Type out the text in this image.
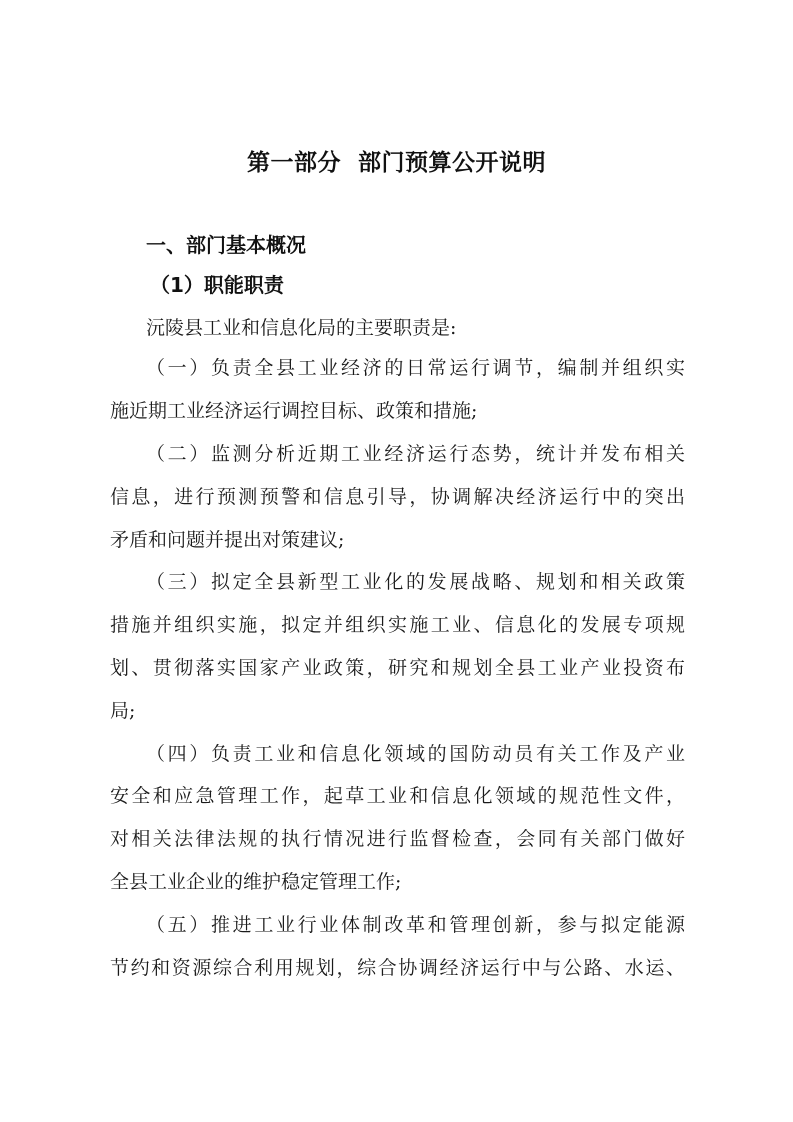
第一部分  部门预算公开说明
一、部门基本概况
（1）职能职责
沅陵县工业和信息化局的主要职责是:
（一）负责全县工业经济的日常运行调节，编制并组织实
施近期工业经济运行调控目标、政策和措施;
（二）监测分析近期工业经济运行态势，统计并发布相关
信息，进行预测预警和信息引导，协调解决经济运行中的突出
矛盾和问题并提出对策建议;
（三）拟定全县新型工业化的发展战略、规划和相关政策
措施并组织实施，拟定并组织实施工业、信息化的发展专项规
划、贯彻落实国家产业政策，研究和规划全县工业产业投资布
局;
（四）负责工业和信息化领域的国防动员有关工作及产业
安全和应急管理工作，起草工业和信息化领域的规范性文件，
对相关法律法规的执行情况进行监督检查，会同有关部门做好
全县工业企业的维护稳定管理工作;
（五）推进工业行业体制改革和管理创新，参与拟定能源
节约和资源综合利用规划，综合协调经济运行中与公路、水运、
